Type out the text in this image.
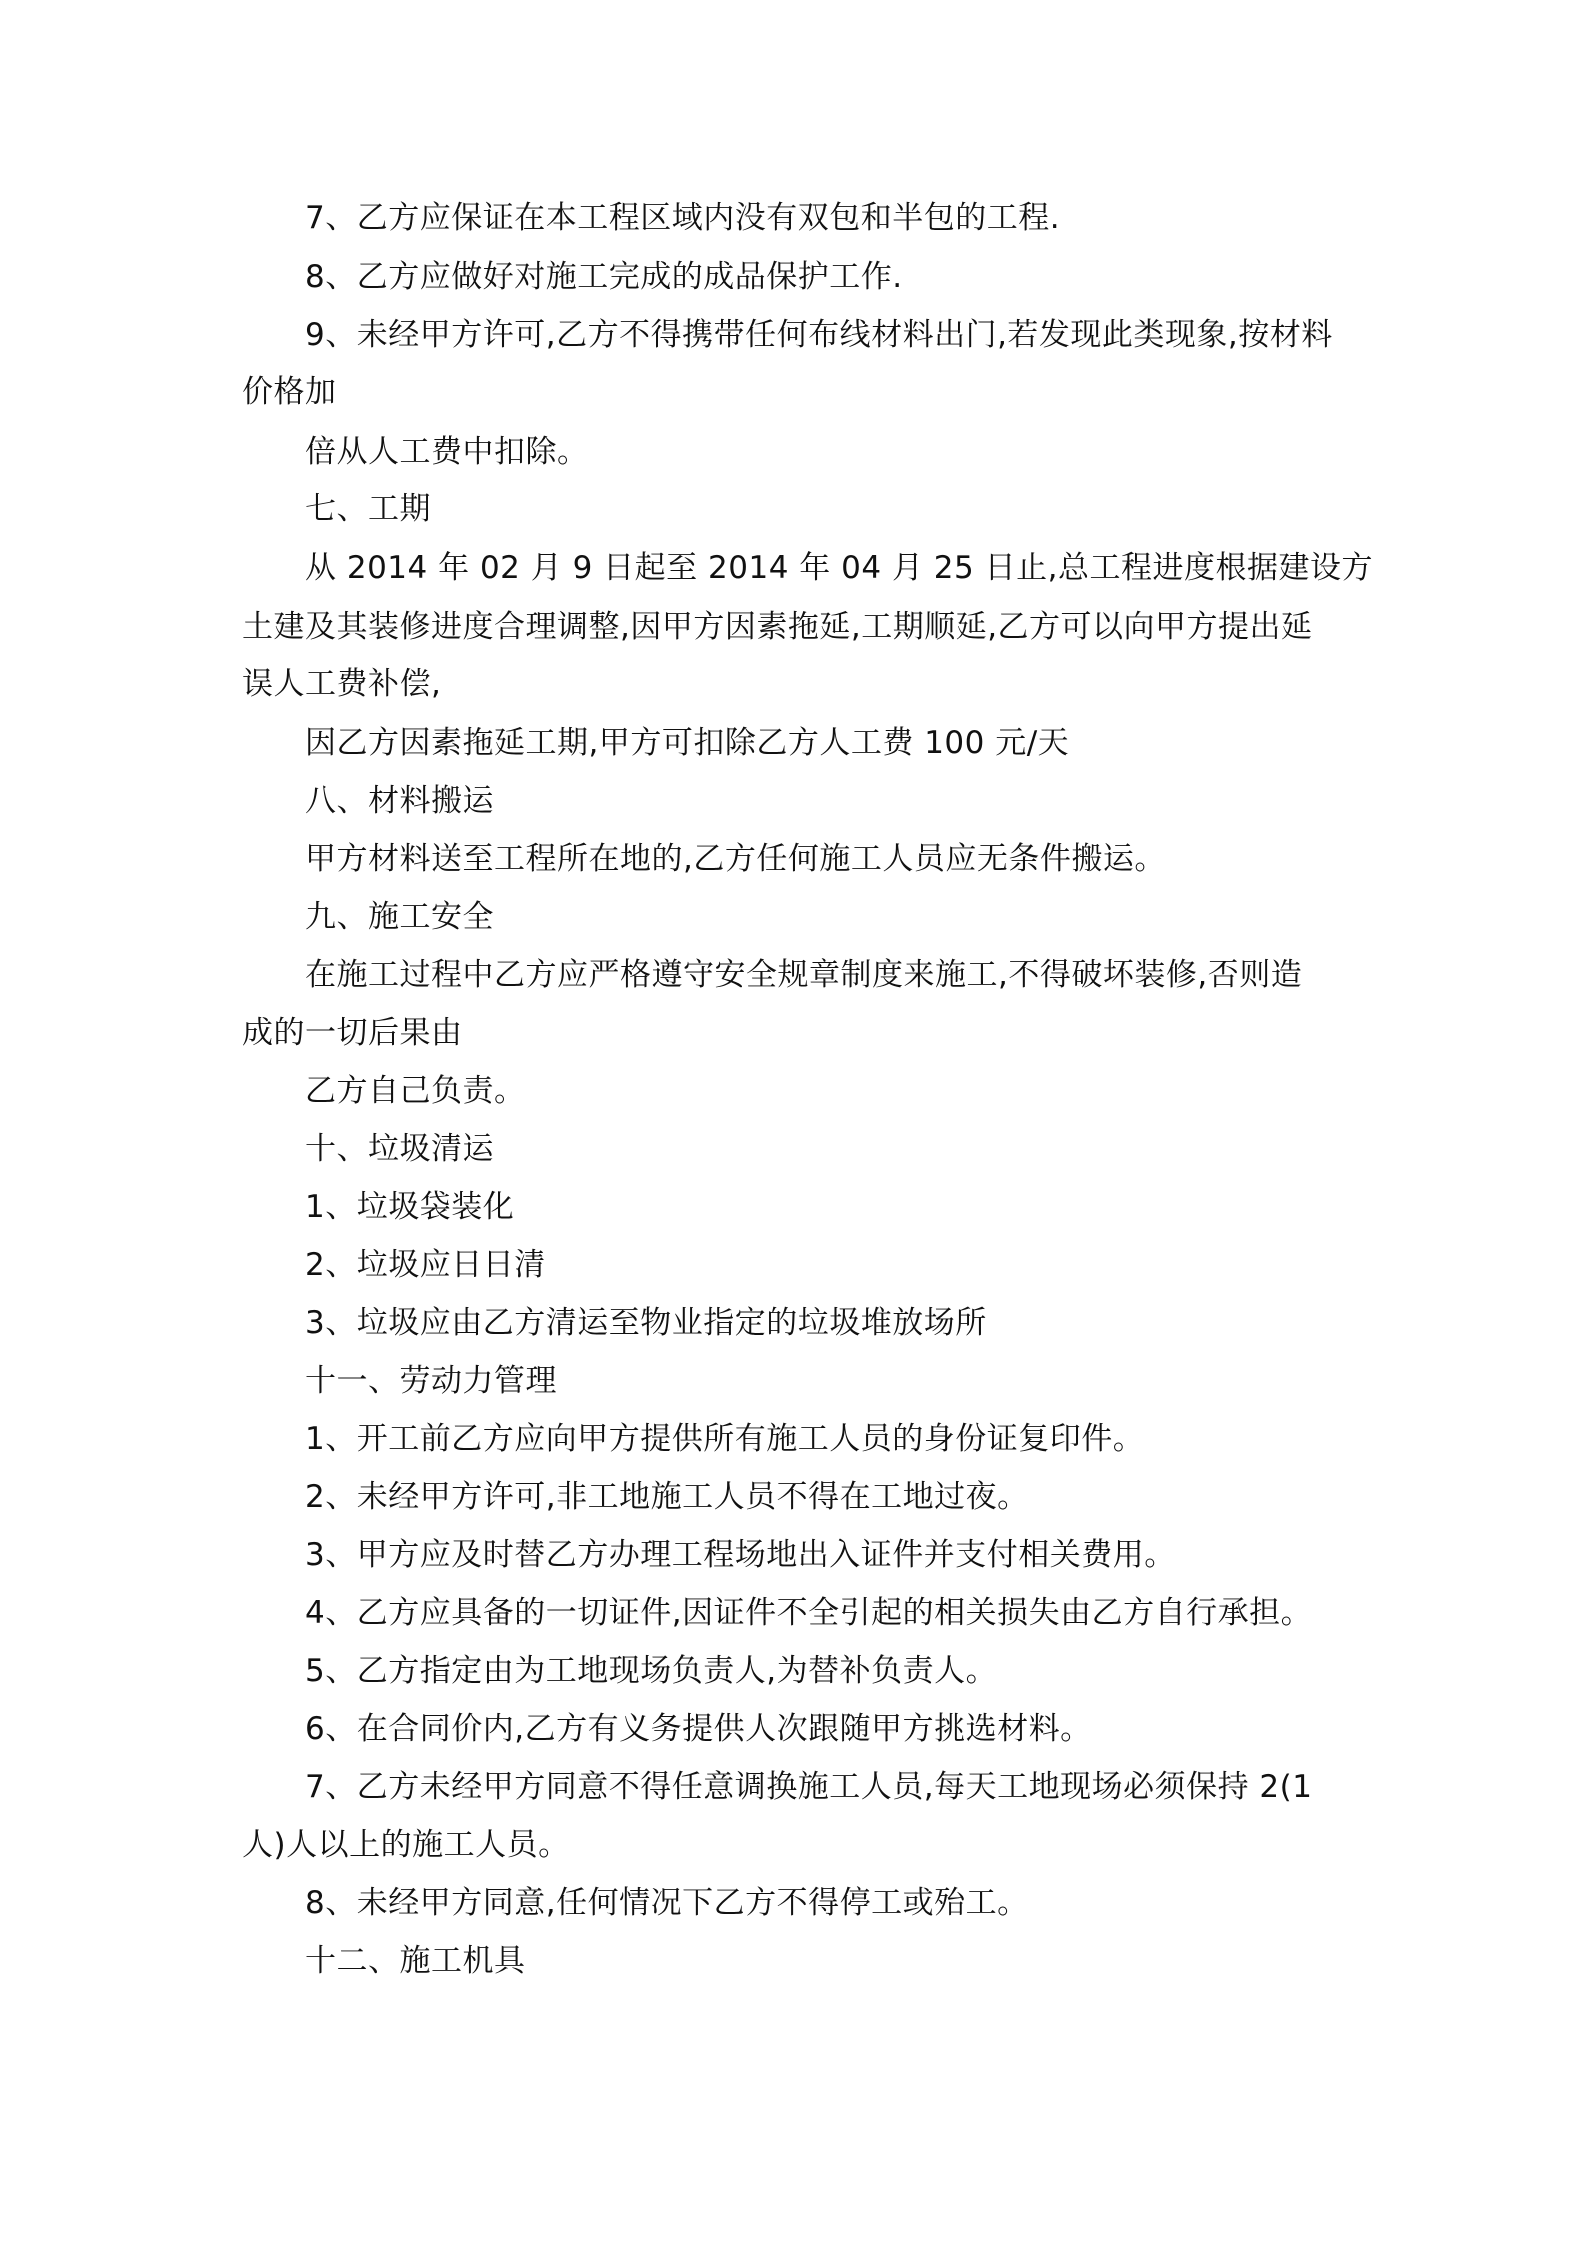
7、乙方应保证在本工程区域内没有双包和半包的工程.
8、乙方应做好对施工完成的成品保护工作.
9、未经甲方许可,乙方不得携带任何布线材料出门,若发现此类现象,按材料
价格加
倍从人工费中扣除。
七、工期
从 2014 年 02 月 9 日起至 2014 年 04 月 25 日止,总工程进度根据建设方
土建及其装修进度合理调整,因甲方因素拖延,工期顺延,乙方可以向甲方提出延
误人工费补偿,
因乙方因素拖延工期,甲方可扣除乙方人工费 100 元/天
八、材料搬运
甲方材料送至工程所在地的,乙方任何施工人员应无条件搬运。
九、施工安全
在施工过程中乙方应严格遵守安全规章制度来施工,不得破坏装修,否则造
成的一切后果由
乙方自己负责。
十、垃圾清运
1、垃圾袋装化
2、垃圾应日日清
3、垃圾应由乙方清运至物业指定的垃圾堆放场所
十一、劳动力管理
1、开工前乙方应向甲方提供所有施工人员的身份证复印件。
2、未经甲方许可,非工地施工人员不得在工地过夜。
3、甲方应及时替乙方办理工程场地出入证件并支付相关费用。
4、乙方应具备的一切证件,因证件不全引起的相关损失由乙方自行承担。
5、乙方指定由为工地现场负责人,为替补负责人。
6、在合同价内,乙方有义务提供人次跟随甲方挑选材料。
7、乙方未经甲方同意不得任意调换施工人员,每天工地现场必须保持 2(1
人)人以上的施工人员。
8、未经甲方同意,任何情况下乙方不得停工或殆工。
十二、施工机具
